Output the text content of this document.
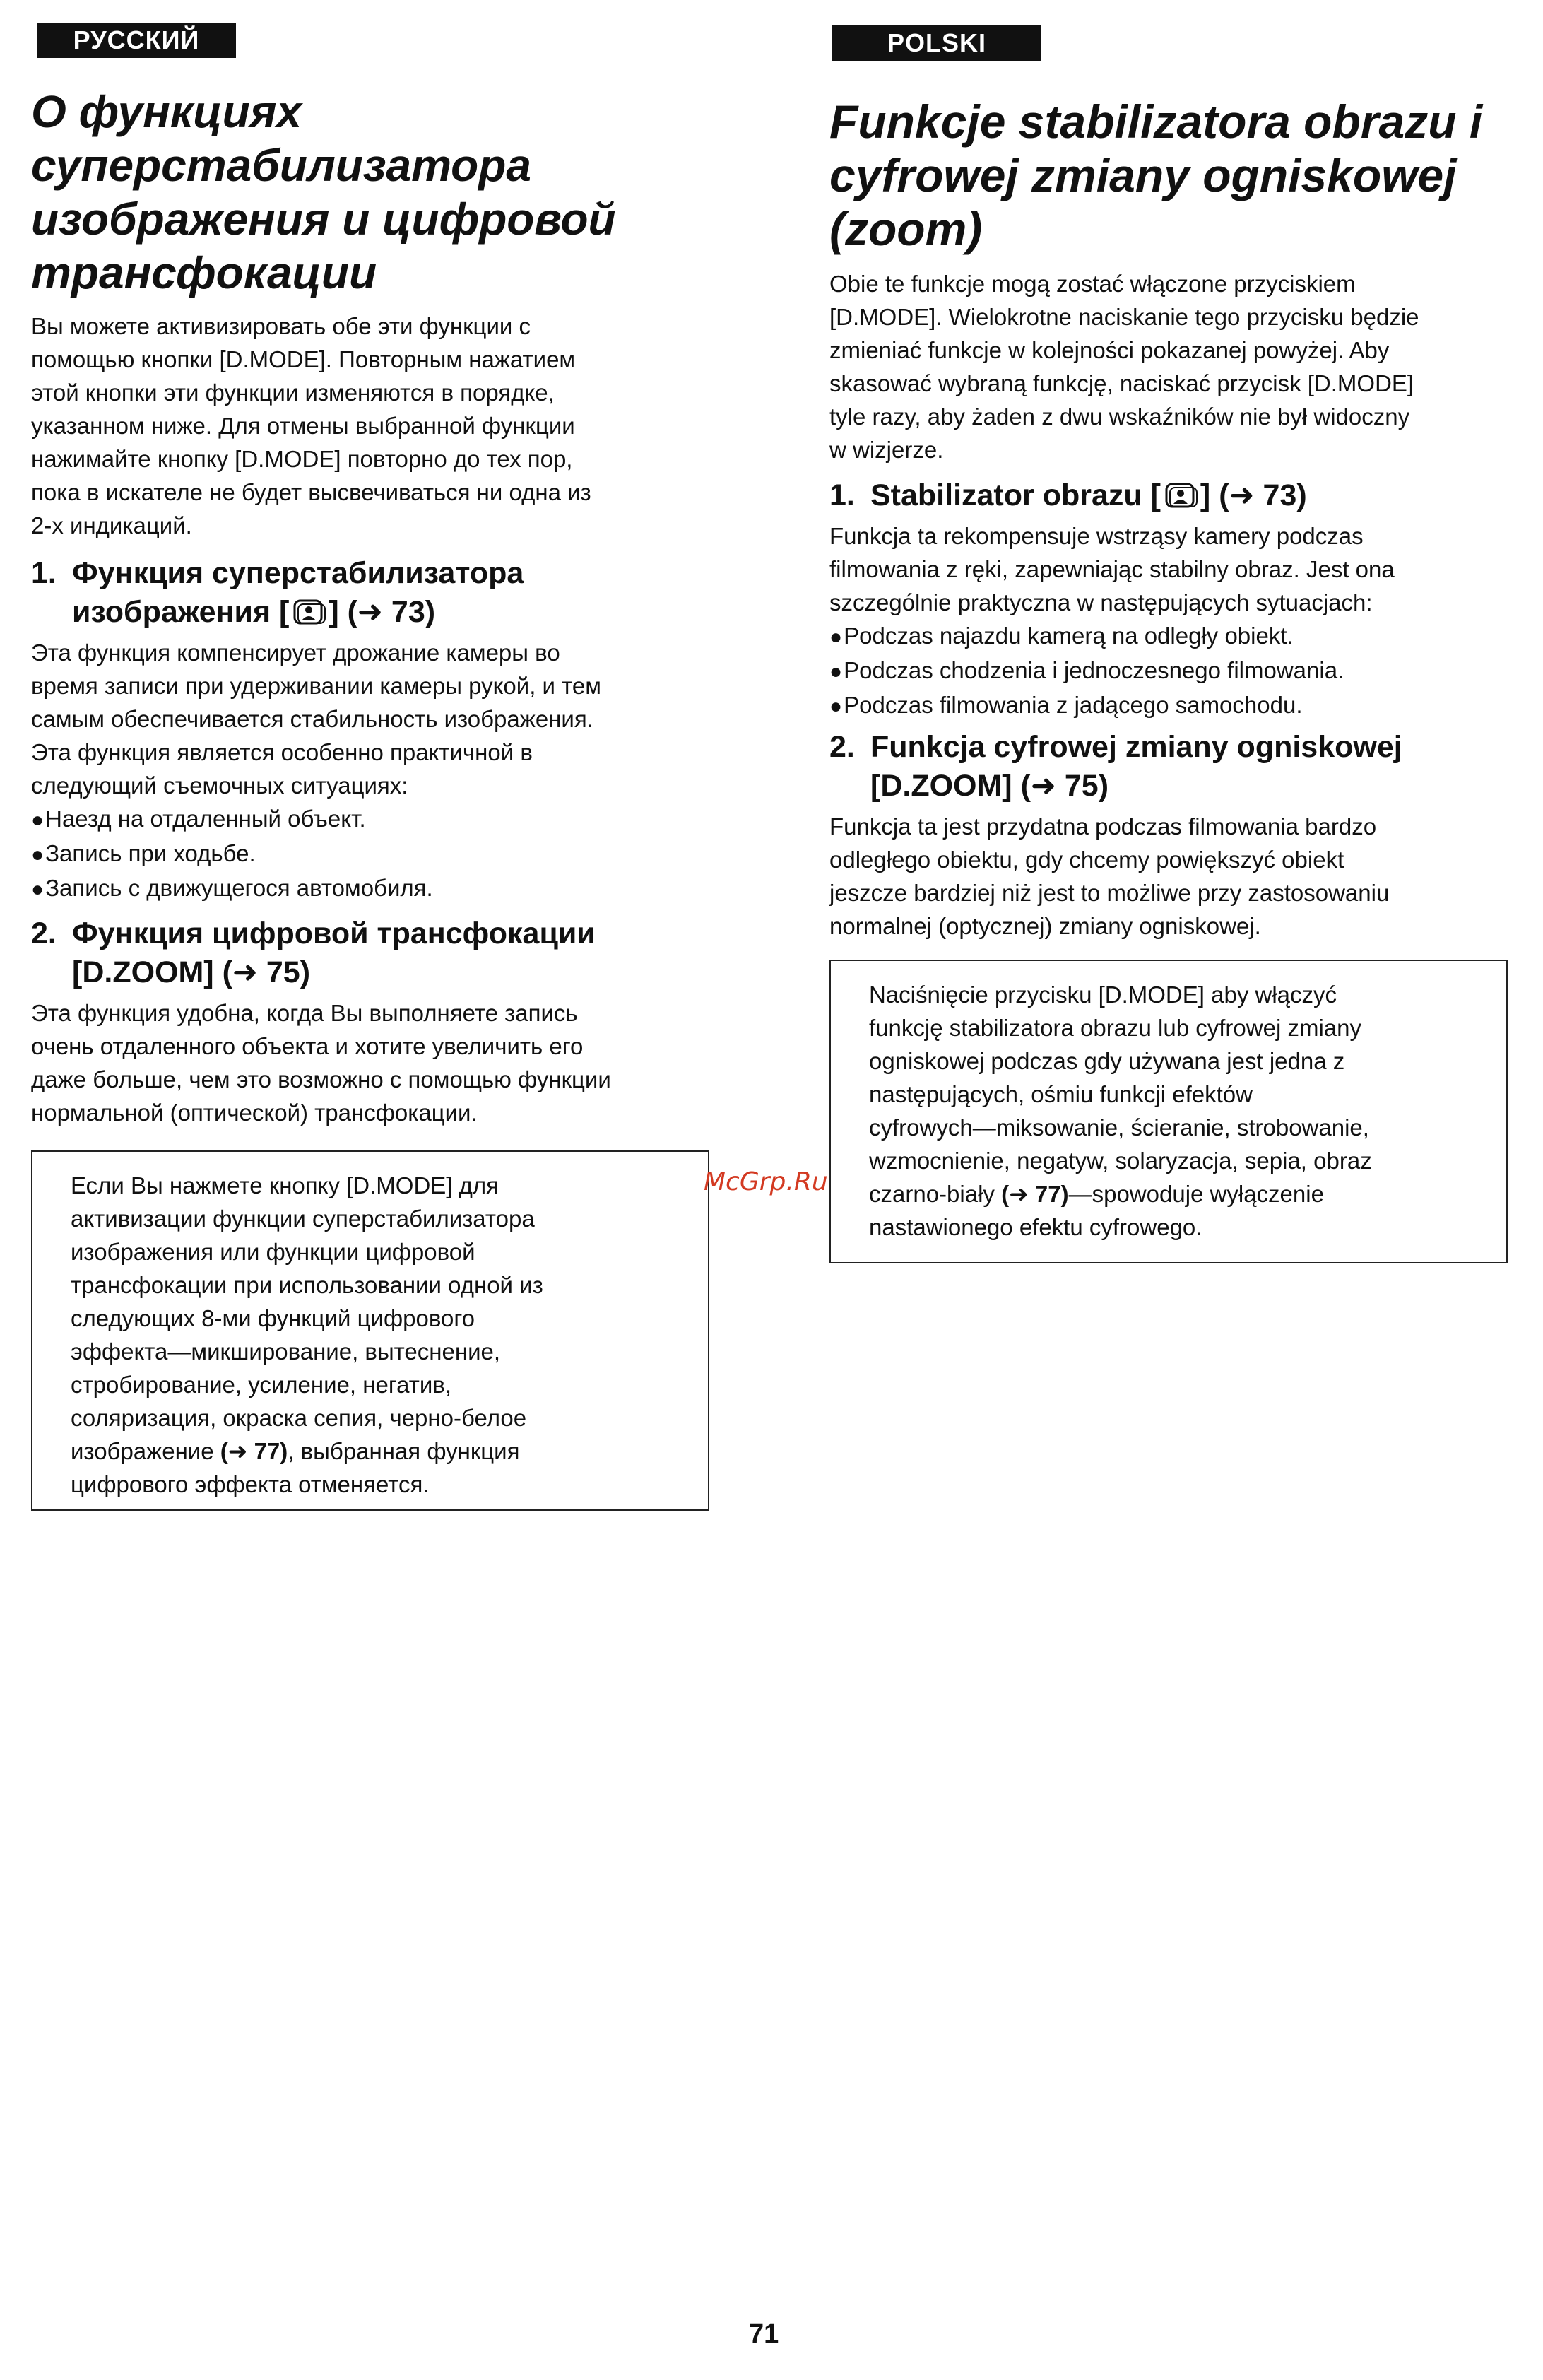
РУССКИЙ ЯЗЫК
О функциях
суперстабилизатора
изображения и цифровой
трансфокации

Вы можете активизировать обе эти функции с
помощью кнопки [D.MODE]. Повторным нажатием
этой кнопки эти функции изменяются в порядке,
указанном ниже. Для отмены выбранной функции
нажимайте кнопку [D.MODE] повторно до тех пор,
пока в искателе не будет высвечиваться ни одна из
2-х индикаций.

1. Функция суперстабилизатора
изображения [ ] (➜ 73)

Эта функция компенсирует дрожание камеры во
время записи при удерживании камеры рукой, и тем
самым обеспечивается стабильность изображения.
Эта функция является особенно практичной в
следующий съемочных ситуациях:

●Наезд на отдаленный объект.
●Запись при ходьбе.
●Запись с движущегося автомобиля.
2. Функция цифровой трансфокации
[D.ZOOM] (➜ 75)

Эта функция удобна, когда Вы выполняете запись
очень отдаленного объекта и хотите увеличить его
даже больше, чем это возможно с помощью функции
нормальной (оптической) трансфокации.

Если Вы нажмете кнопку [D.MODE] для
активизации функции суперстабилизатора
изображения или функции цифровой
трансфокации при использовании одной из
следующих 8-ми функций цифрового
эффекта—микширование, вытеснение,
стробирование, усиление, негатив,
соляризация, окраска сепия, черно-белое
изображение (➜ 77), выбранная функция
цифрового эффекта отменяется.

POLSKI
Funkcje stabilizatora obrazu i
cyfrowej zmiany ogniskowej
(zoom)

Obie te funkcje mogą zostać włączone przyciskiem
[D.MODE]. Wielokrotne naciskanie tego przycisku będzie
zmieniać funkcje w kolejności pokazanej powyżej. Aby
skasować wybraną funkcję, naciskać przycisk [D.MODE]
tyle razy, aby żaden z dwu wskaźników nie był widoczny
w wizjerze.

1. Stabilizator obrazu [ ] (➜ 73)

Funkcja ta rekompensuje wstrząsy kamery podczas
filmowania z ręki, zapewniając stabilny obraz. Jest ona
szczególnie praktyczna w następujących sytuacjach:

●Podczas najazdu kamerą na odległy obiekt.
●Podczas chodzenia i jednoczesnego filmowania.
●Podczas filmowania z jadącego samochodu.
2. Funkcja cyfrowej zmiany ogniskowej
[D.ZOOM] (➜ 75)

Funkcja ta jest przydatna podczas filmowania bardzo
odległego obiektu, gdy chcemy powiększyć obiekt
jeszcze bardziej niż jest to możliwe przy zastosowaniu
normalnej (optycznej) zmiany ogniskowej.

Naciśnięcie przycisku [D.MODE] aby włączyć
funkcję stabilizatora obrazu lub cyfrowej zmiany
ogniskowej podczas gdy używana jest jedna z
następujących, ośmiu funkcji efektów
cyfrowych—miksowanie, ścieranie, strobowanie,
wzmocnienie, negatyw, solaryzacja, sepia, obraz
czarno-biały (➜ 77)—spowoduje wyłączenie
nastawionego efektu cyfrowego.

McGrp.Ru
71
